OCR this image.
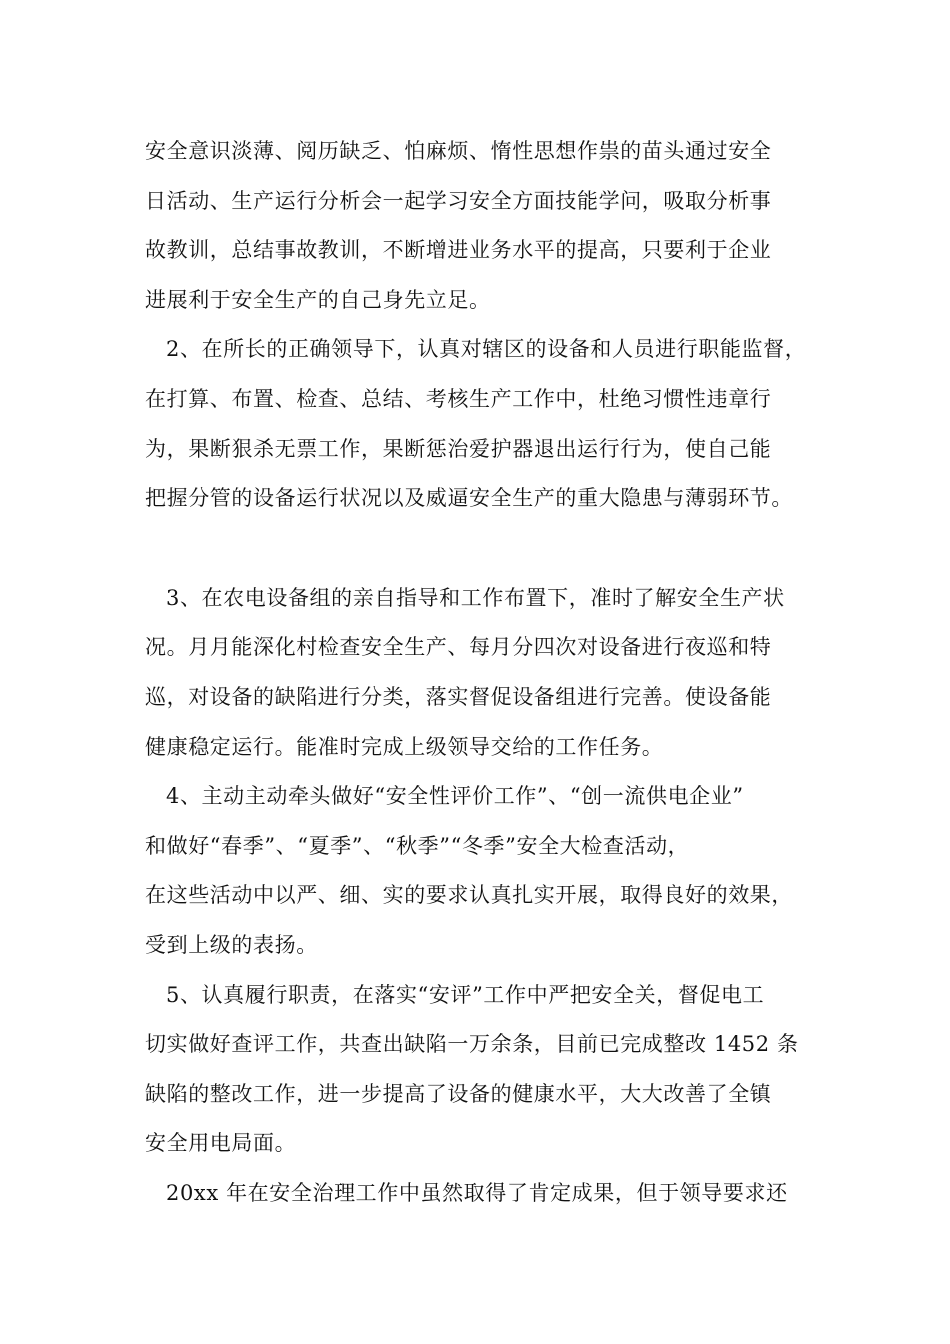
安全意识淡薄、阅历缺乏、怕麻烦、惰性思想作祟的苗头通过安全
日活动、生产运行分析会一起学习安全方面技能学问，吸取分析事
故教训，总结事故教训，不断增进业务水平的提高，只要利于企业
进展利于安全生产的自己身先立足。
2、在所长的正确领导下，认真对辖区的设备和人员进行职能监督，
在打算、布置、检查、总结、考核生产工作中，杜绝习惯性违章行
为，果断狠杀无票工作，果断惩治爱护器退出运行行为，使自己能
把握分管的设备运行状况以及威逼安全生产的重大隐患与薄弱环节。
3、在农电设备组的亲自指导和工作布置下，准时了解安全生产状
况。月月能深化村检查安全生产、每月分四次对设备进行夜巡和特
巡，对设备的缺陷进行分类，落实督促设备组进行完善。使设备能
健康稳定运行。能准时完成上级领导交给的工作任务。
4、主动主动牵头做好“安全性评价工作”、“创一流供电企业”
和做好“春季”、“夏季”、“秋季”“冬季”安全大检查活动，
在这些活动中以严、细、实的要求认真扎实开展，取得良好的效果，
受到上级的表扬。
5、认真履行职责，在落实“安评”工作中严把安全关，督促电工
切实做好查评工作，共查出缺陷一万余条，目前已完成整改 1452 条
缺陷的整改工作，进一步提高了设备的健康水平，大大改善了全镇
安全用电局面。
20xx 年在安全治理工作中虽然取得了肯定成果，但于领导要求还
